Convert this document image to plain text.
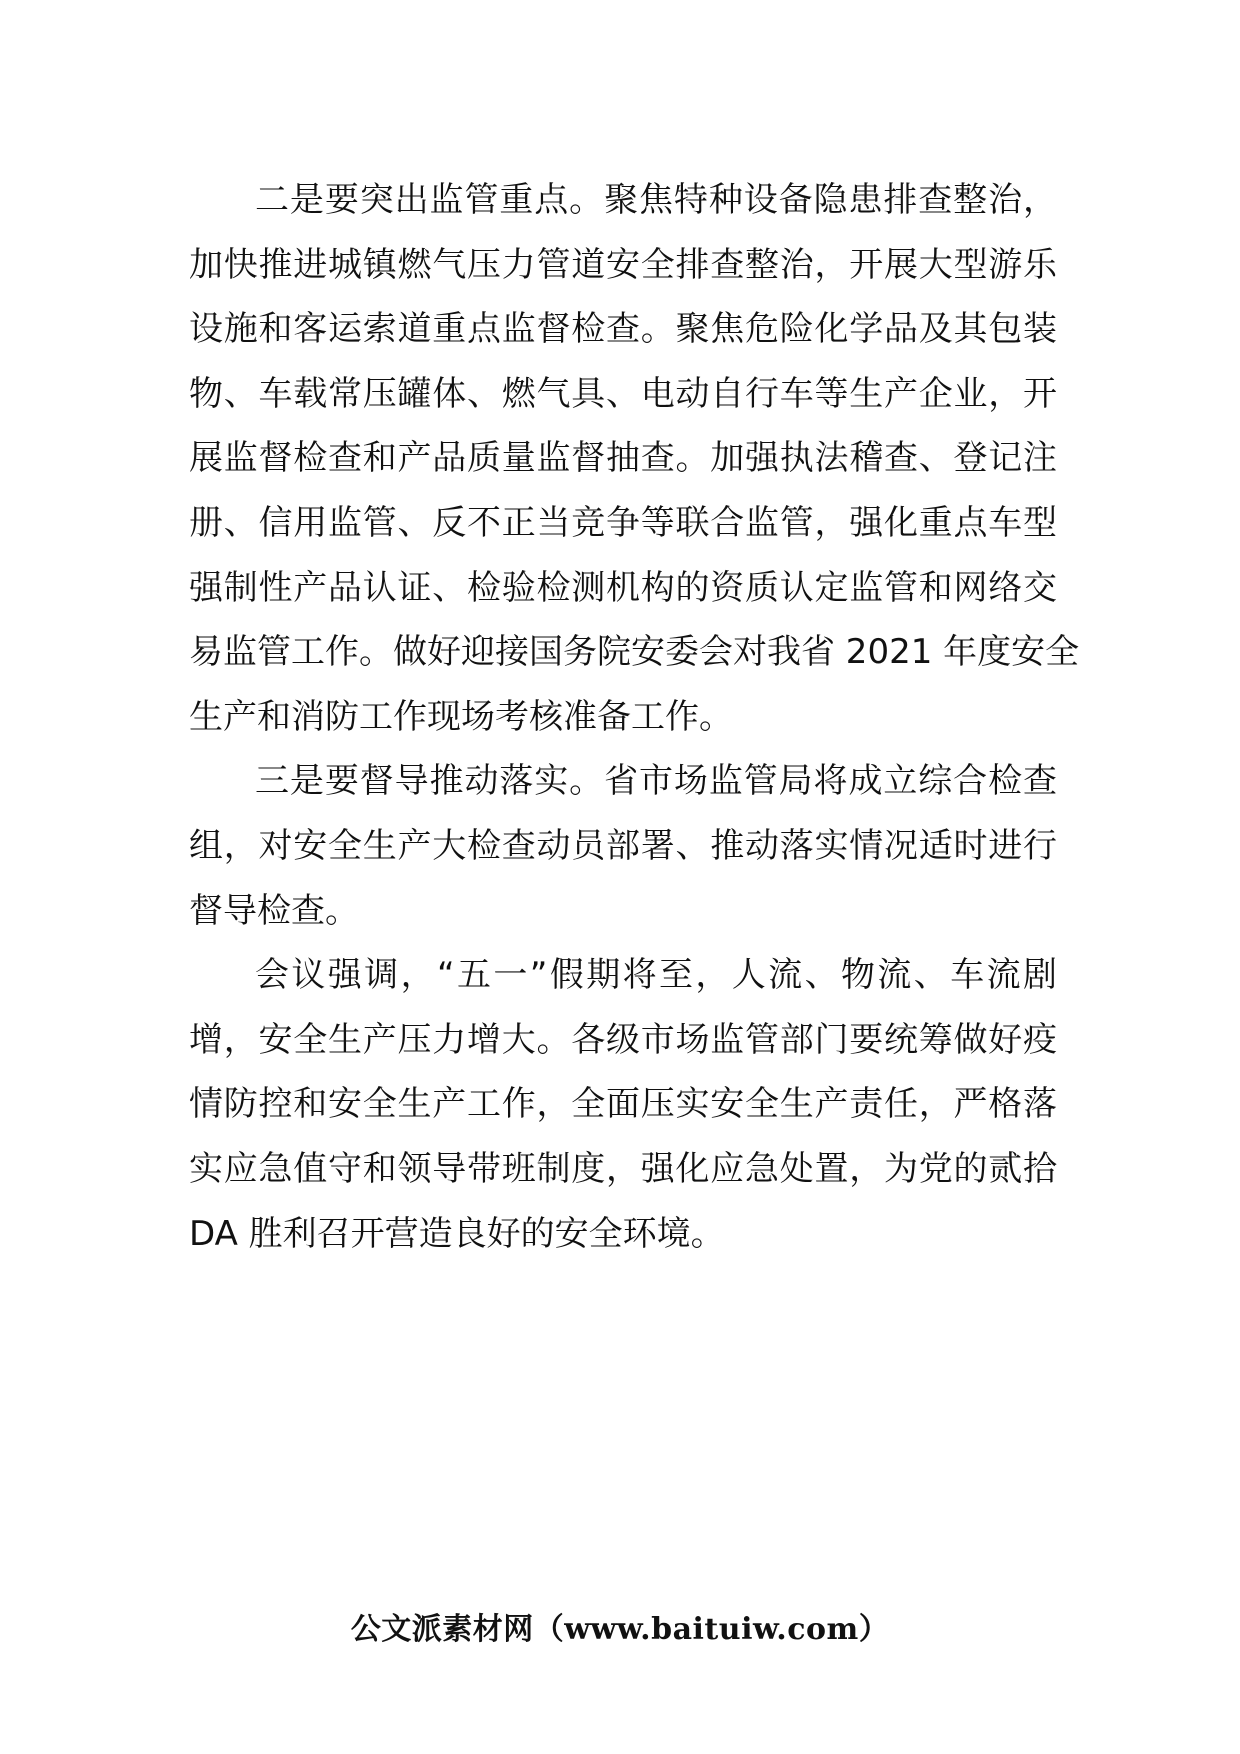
二是要突出监管重点。聚焦特种设备隐患排查整治，
加快推进城镇燃气压力管道安全排查整治，开展大型游乐
设施和客运索道重点监督检查。聚焦危险化学品及其包装
物、车载常压罐体、燃气具、电动自行车等生产企业，开
展监督检查和产品质量监督抽查。加强执法稽查、登记注
册、信用监管、反不正当竞争等联合监管，强化重点车型
强制性产品认证、检验检测机构的资质认定监管和网络交
易监管工作。做好迎接国务院安委会对我省 2021 年度安全
生产和消防工作现场考核准备工作。
三是要督导推动落实。省市场监管局将成立综合检查
组，对安全生产大检查动员部署、推动落实情况适时进行
督导检查。
会议强调，“五一”假期将至，人流、物流、车流剧
增，安全生产压力增大。各级市场监管部门要统筹做好疫
情防控和安全生产工作，全面压实安全生产责任，严格落
实应急值守和领导带班制度，强化应急处置，为党的贰拾
DA 胜利召开营造良好的安全环境。
公文派素材网（www.baituiw.com）
